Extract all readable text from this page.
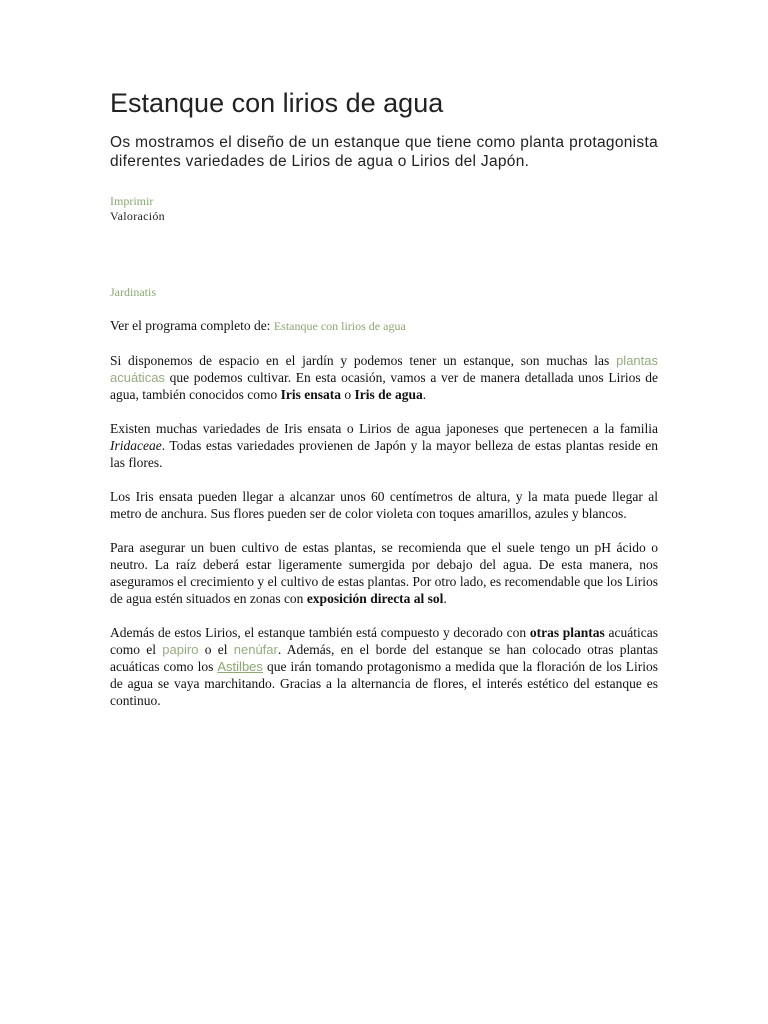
Estanque con lirios de agua

Os mostramos el diseño de un estanque que tiene como planta protagonista diferentes variedades de Lirios de agua o Lirios del Japón.

Imprimir
Valoración
Jardinatis

Ver el programa completo de: Estanque con lirios de agua

Si disponemos de espacio en el jardín y podemos tener un estanque, son muchas las plantas acuáticas que podemos cultivar. En esta ocasión, vamos a ver de manera detallada unos Lirios de agua, también conocidos como Iris ensata o Iris de agua.

Existen muchas variedades de Iris ensata o Lirios de agua japoneses que pertenecen a la familia Iridaceae. Todas estas variedades provienen de Japón y la mayor belleza de estas plantas reside en las flores.

Los Iris ensata pueden llegar a alcanzar unos 60 centímetros de altura, y la mata puede llegar al metro de anchura. Sus flores pueden ser de color violeta con toques amarillos, azules y blancos.

Para asegurar un buen cultivo de estas plantas, se recomienda que el suele tengo un pH ácido o neutro. La raíz deberá estar ligeramente sumergida por debajo del agua. De esta manera, nos aseguramos el crecimiento y el cultivo de estas plantas. Por otro lado, es recomendable que los Lirios de agua estén situados en zonas con exposición directa al sol.

Además de estos Lirios, el estanque también está compuesto y decorado con otras plantas acuáticas como el papiro o el nenúfar. Además, en el borde del estanque se han colocado otras plantas acuáticas como los Astilbes que irán tomando protagonismo a medida que la floración de los Lirios de agua se vaya marchitando. Gracias a la alternancia de flores, el interés estético del estanque es continuo.
